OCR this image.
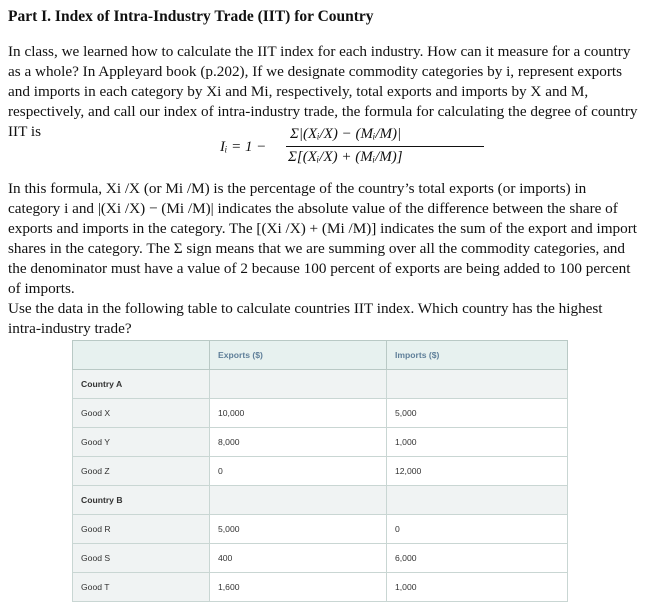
Part I. Index of Intra-Industry Trade (IIT) for Country
In class, we learned how to calculate the IIT index for each industry. How can it measure for a country as a whole? In Appleyard book (p.202), If we designate commodity categories by i, represent exports and imports in each category by Xi and Mi, respectively, total exports and imports by X and M, respectively, and call our index of intra-industry trade, the formula for calculating the degree of country IIT is
Iᵢ = 1 −
Σ|(Xᵢ/X) − (Mᵢ/M)|
Σ[(Xᵢ/X) + (Mᵢ/M)]
In this formula, Xi /X (or Mi /M) is the percentage of the country’s total exports (or imports) in category i and |(Xi /X) − (Mi /M)| indicates the absolute value of the difference between the share of exports and imports in the category. The [(Xi /X) + (Mi /M)] indicates the sum of the export and import shares in the category. The Σ sign means that we are summing over all the commodity categories, and the denominator must have a value of 2 because 100 percent of exports are being added to 100 percent of imports.
Use the data in the following table to calculate countries IIT index. Which country has the highest intra-industry trade?
	Exports ($)	Imports ($)
Country A		
Good X	10,000	5,000
Good Y	8,000	1,000
Good Z	0	12,000
Country B		
Good R	5,000	0
Good S	400	6,000
Good T	1,600	1,000
